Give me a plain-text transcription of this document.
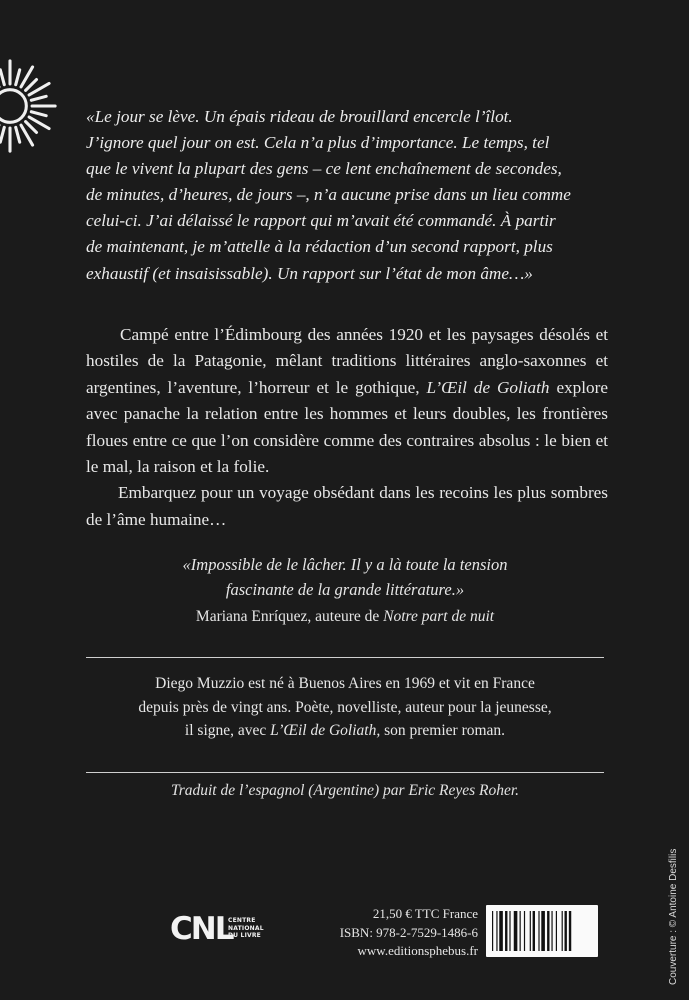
«Le jour se lève. Un épais rideau de brouillard encercle l’îlot.
J’ignore quel jour on est. Cela n’a plus d’importance. Le temps, tel
que le vivent la plupart des gens – ce lent enchaînement de secondes,
de minutes, d’heures, de jours –, n’a aucune prise dans un lieu comme
celui-ci. J’ai délaissé le rapport qui m’avait été commandé. À partir
de maintenant, je m’attelle à la rédaction d’un second rapport, plus
exhaustif (et insaisissable). Un rapport sur l’état de mon âme…»

Campé entre l’Édimbourg des années 1920 et les paysages désolés et hostiles de la Patagonie, mêlant traditions littéraires anglo-saxonnes et argentines, l’aventure, l’horreur et le gothique, L’Œil de Goliath explore avec panache la relation entre les hommes et leurs doubles, les frontières floues entre ce que l’on considère comme des contraires absolus : le bien et le mal, la raison et la folie.

Embarquez pour un voyage obsédant dans les recoins les plus sombres de l’âme humaine…

«Impossible de le lâcher. Il y a là toute la tension
fascinante de la grande littérature.»

Mariana Enríquez, auteure de Notre part de nuit

Diego Muzzio est né à Buenos Aires en 1969 et vit en France
depuis près de vingt ans. Poète, novelliste, auteur pour la jeunesse,
il signe, avec L’Œil de Goliath, son premier roman.
Traduit de l’espagnol (Argentine) par Eric Reyes Roher.
CNL
CENTRE
NATIONAL
DU LIVRE
21,50 € TTC France
ISBN: 978-2-7529-1486-6
www.editionsphebus.fr	Couverture : © Antoine Desfilis
